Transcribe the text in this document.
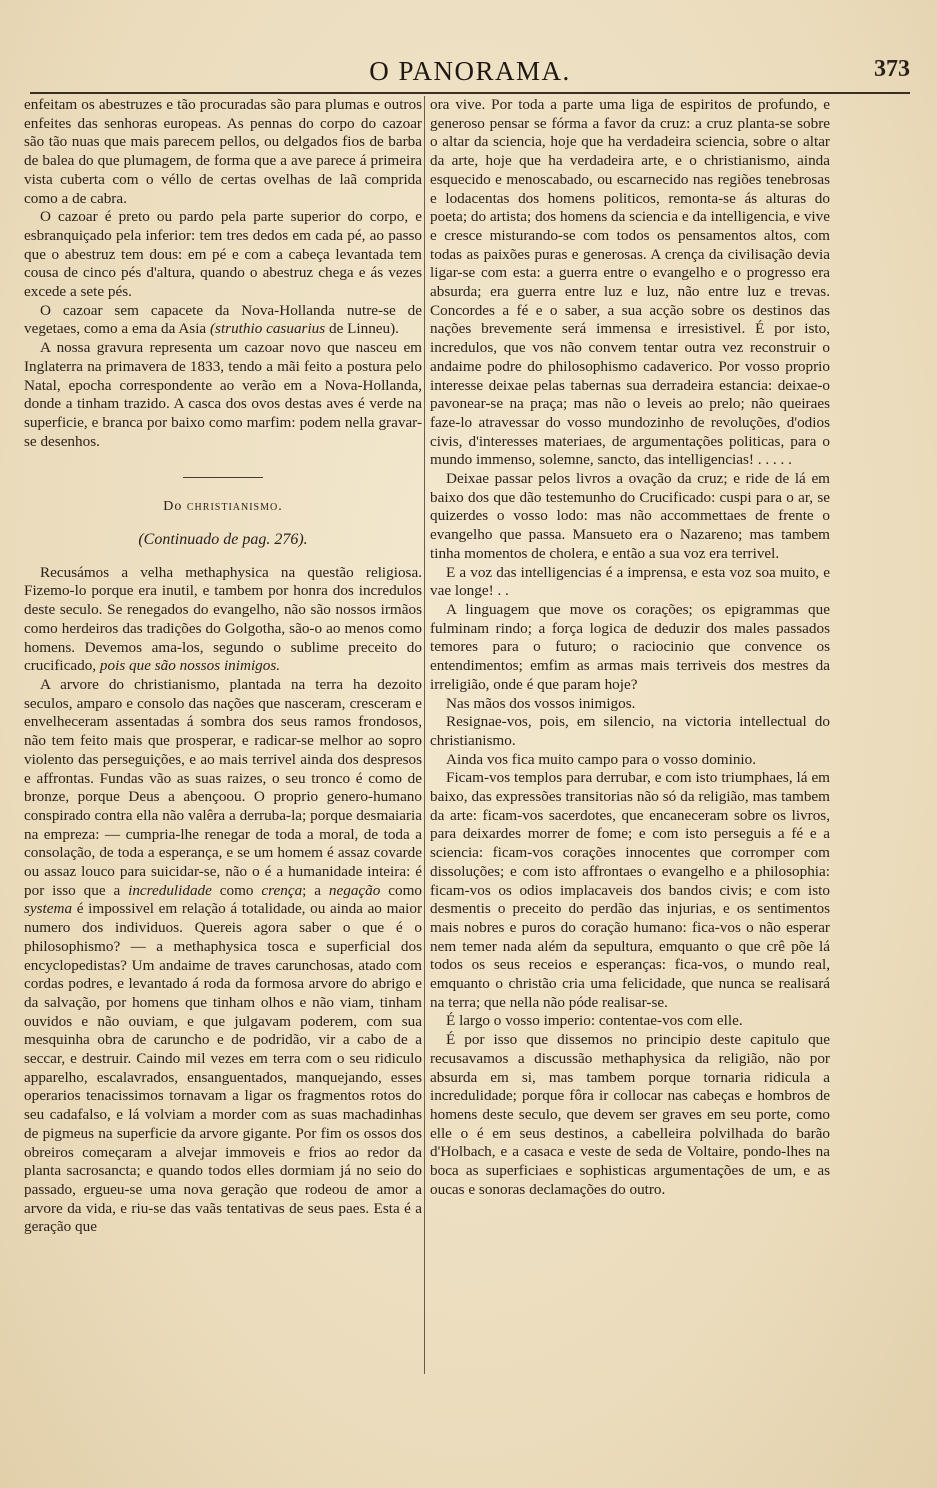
O PANORAMA.	373

enfeitam os abestruzes e tão procuradas são para plumas e outros enfeites das senhoras europeas. As pennas do corpo do cazoar são tão nuas que mais parecem pellos, ou delgados fios de barba de balea do que plumagem, de forma que a ave parece á primeira vista cuberta com o véllo de certas ovelhas de laã comprida como a de cabra.

O cazoar é preto ou pardo pela parte superior do corpo, e esbranquiçado pela inferior: tem tres dedos em cada pé, ao passo que o abestruz tem dous: em pé e com a cabeça levantada tem cousa de cinco pés d'altura, quando o abestruz chega e ás vezes excede a sete pés.

O cazoar sem capacete da Nova-Hollanda nutre-se de vegetaes, como a ema da Asia (struthio casuarius de Linneu).

A nossa gravura representa um cazoar novo que nasceu em Inglaterra na primavera de 1833, tendo a mãi feito a postura pelo Natal, epocha correspondente ao verão em a Nova-Hollanda, donde a tinham trazido. A casca dos ovos destas aves é verde na superficie, e branca por baixo como marfim: podem nella gravar-se desenhos.

Do christianismo.
(Continuado de pag. 276).

Recusámos a velha methaphysica na questão religiosa. Fizemo-lo porque era inutil, e tambem por honra dos incredulos deste seculo. Se renegados do evangelho, não são nossos irmãos como herdeiros das tradições do Golgotha, são-o ao menos como homens. Devemos ama-los, segundo o sublime preceito do crucificado, pois que são nossos inimigos.

A arvore do christianismo, plantada na terra ha dezoito seculos, amparo e consolo das nações que nasceram, cresceram e envelheceram assentadas á sombra dos seus ramos frondosos, não tem feito mais que prosperar, e radicar-se melhor ao sopro violento das perseguições, e ao mais terrivel ainda dos despresos e affrontas. Fundas vão as suas raizes, o seu tronco é como de bronze, porque Deus a abençoou. O proprio genero-humano conspirado contra ella não valêra a derruba-la; porque desmaiaria na empreza: — cumpria-lhe renegar de toda a moral, de toda a consolação, de toda a esperança, e se um homem é assaz covarde ou assaz louco para suicidar-se, não o é a humanidade inteira: é por isso que a incredulidade como crença; a negação como systema é impossivel em relação á totalidade, ou ainda ao maior numero dos individuos. Quereis agora saber o que é o philosophismo? — a methaphysica tosca e superficial dos encyclopedistas? Um andaime de traves carunchosas, atado com cordas podres, e levantado á roda da formosa arvore do abrigo e da salvação, por homens que tinham olhos e não viam, tinham ouvidos e não ouviam, e que julgavam poderem, com sua mesquinha obra de caruncho e de podridão, vir a cabo de a seccar, e destruir. Caindo mil vezes em terra com o seu ridiculo apparelho, escalavrados, ensanguentados, manquejando, esses operarios tenacissimos tornavam a ligar os fragmentos rotos do seu cadafalso, e lá volviam a morder com as suas machadinhas de pigmeus na superficie da arvore gigante. Por fim os ossos dos obreiros começaram a alvejar immoveis e frios ao redor da planta sacrosancta; e quando todos elles dormiam já no seio do passado, ergueu-se uma nova geração que rodeou de amor a arvore da vida, e riu-se das vaãs tentativas de seus paes. Esta é a geração que

ora vive. Por toda a parte uma liga de espiritos de profundo, e generoso pensar se fórma a favor da cruz: a cruz planta-se sobre o altar da sciencia, hoje que ha verdadeira sciencia, sobre o altar da arte, hoje que ha verdadeira arte, e o christianismo, ainda esquecido e menoscabado, ou escarnecido nas regiões tenebrosas e lodacentas dos homens politicos, remonta-se ás alturas do poeta; do artista; dos homens da sciencia e da intelligencia, e vive e cresce misturando-se com todos os pensamentos altos, com todas as paixões puras e generosas. A crença da civilisação devia ligar-se com esta: a guerra entre o evangelho e o progresso era absurda; era guerra entre luz e luz, não entre luz e trevas. Concordes a fé e o saber, a sua acção sobre os destinos das nações brevemente será immensa e irresistivel. É por isto, incredulos, que vos não convem tentar outra vez reconstruir o andaime podre do philosophismo cadaverico. Por vosso proprio interesse deixae pelas tabernas sua derradeira estancia: deixae-o pavonear-se na praça; mas não o leveis ao prelo; não queiraes faze-lo atravessar do vosso mundozinho de revoluções, d'odios civis, d'interesses materiaes, de argumentações politicas, para o mundo immenso, solemne, sancto, das intelligencias! . . . . .

Deixae passar pelos livros a ovação da cruz; e ride de lá em baixo dos que dão testemunho do Crucificado: cuspi para o ar, se quizerdes o vosso lodo: mas não accommettaes de frente o evangelho que passa. Mansueto era o Nazareno; mas tambem tinha momentos de cholera, e então a sua voz era terrivel.

E a voz das intelligencias é a imprensa, e esta voz soa muito, e vae longe! . .

A linguagem que move os corações; os epigrammas que fulminam rindo; a força logica de deduzir dos males passados temores para o futuro; o raciocinio que convence os entendimentos; emfim as armas mais terriveis dos mestres da irreligião, onde é que param hoje?

Nas mãos dos vossos inimigos.

Resignae-vos, pois, em silencio, na victoria intellectual do christianismo.

Ainda vos fica muito campo para o vosso dominio.

Ficam-vos templos para derrubar, e com isto triumphaes, lá em baixo, das expressões transitorias não só da religião, mas tambem da arte: ficam-vos sacerdotes, que encaneceram sobre os livros, para deixardes morrer de fome; e com isto perseguis a fé e a sciencia: ficam-vos corações innocentes que corromper com dissoluções; e com isto affrontaes o evangelho e a philosophia: ficam-vos os odios implacaveis dos bandos civis; e com isto desmentis o preceito do perdão das injurias, e os sentimentos mais nobres e puros do coração humano: fica-vos o não esperar nem temer nada além da sepultura, emquanto o que crê põe lá todos os seus receios e esperanças: fica-vos, o mundo real, emquanto o christão cria uma felicidade, que nunca se realisará na terra; que nella não póde realisar-se.

É largo o vosso imperio: contentae-vos com elle.

É por isso que dissemos no principio deste capitulo que recusavamos a discussão methaphysica da religião, não por absurda em si, mas tambem porque tornaria ridicula a incredulidade; porque fôra ir collocar nas cabeças e hombros de homens deste seculo, que devem ser graves em seu porte, como elle o é em seus destinos, a cabelleira polvilhada do barão d'Holbach, e a casaca e veste de seda de Voltaire, pondo-lhes na boca as superficiaes e sophisticas argumentações de um, e as oucas e sonoras declamações do outro.
